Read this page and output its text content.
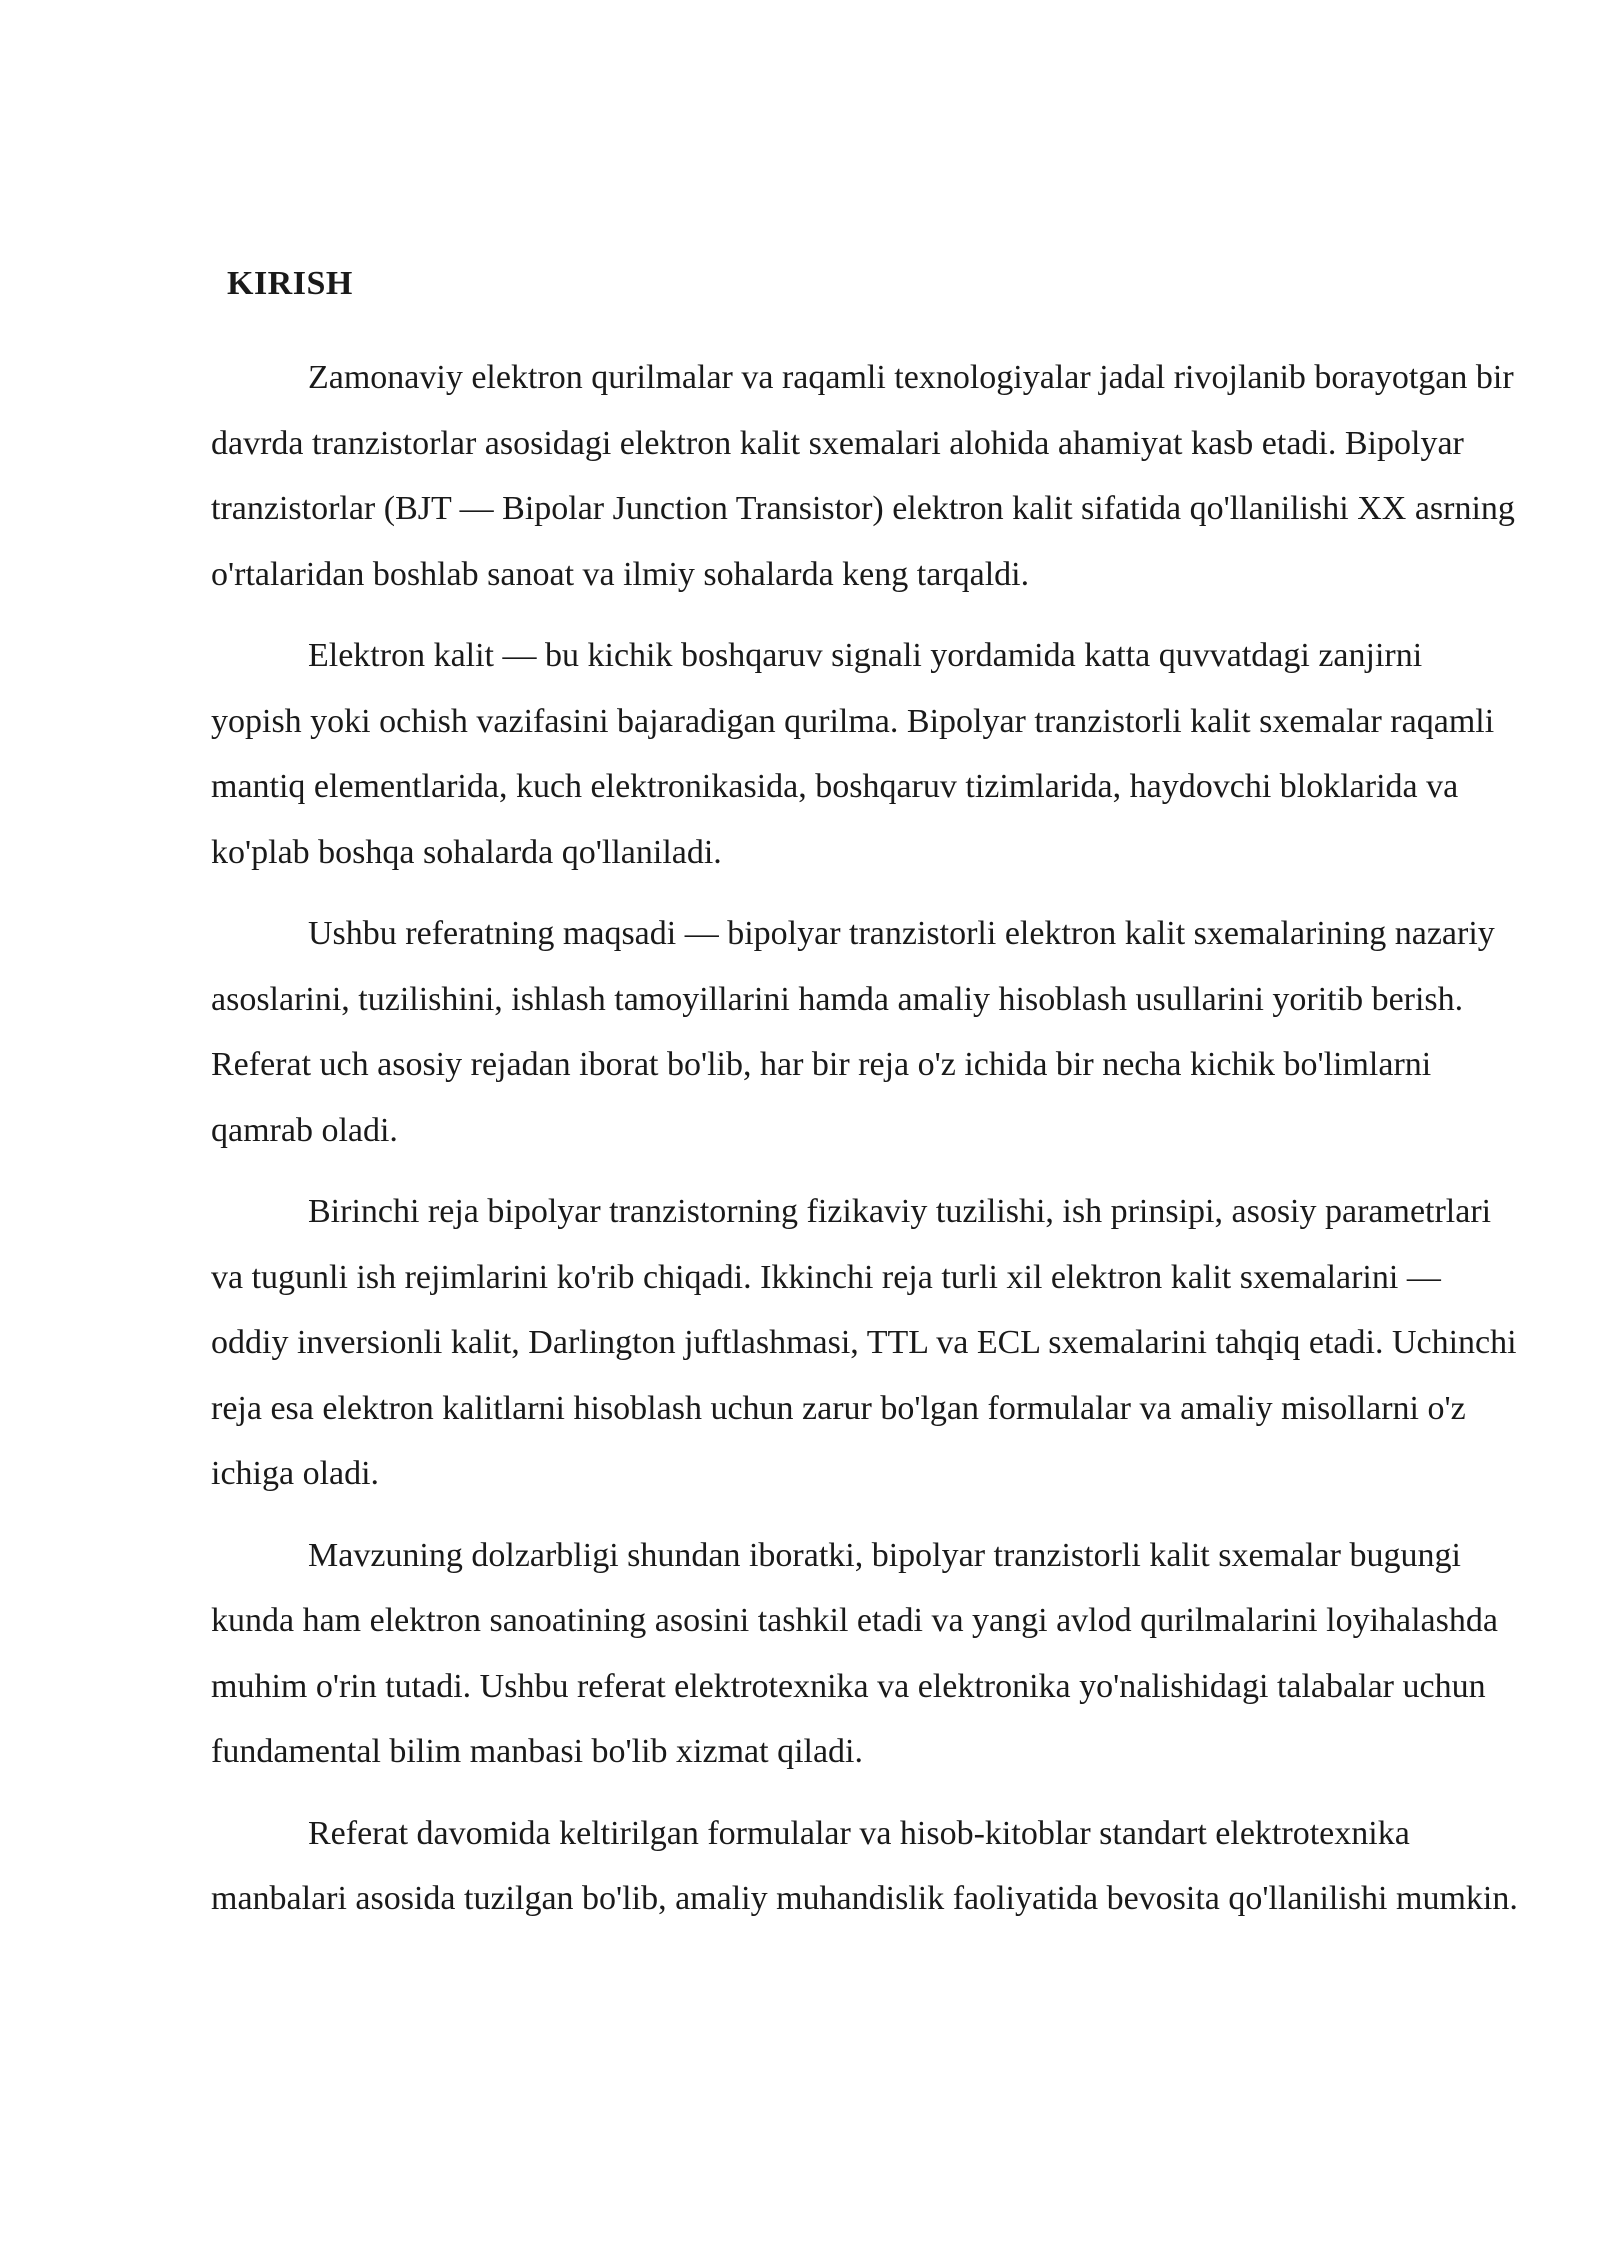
KIRISH

Zamonaviy elektron qurilmalar va raqamli texnologiyalar jadal rivojlanib borayotgan bir davrda tranzistorlar asosidagi elektron kalit sxemalari alohida ahamiyat kasb etadi. Bipolyar tranzistorlar (BJT — Bipolar Junction Transistor) elektron kalit sifatida qo'llanilishi XX asrning o'rtalaridan boshlab sanoat va ilmiy sohalarda keng tarqaldi.

Elektron kalit — bu kichik boshqaruv signali yordamida katta quvvatdagi zanjirni yopish yoki ochish vazifasini bajaradigan qurilma. Bipolyar tranzistorli kalit sxemalar raqamli mantiq elementlarida, kuch elektronikasida, boshqaruv tizimlarida, haydovchi bloklarida va ko'plab boshqa sohalarda qo'llaniladi.

Ushbu referatning maqsadi — bipolyar tranzistorli elektron kalit sxemalarining nazariy asoslarini, tuzilishini, ishlash tamoyillarini hamda amaliy hisoblash usullarini yoritib berish. Referat uch asosiy rejadan iborat bo'lib, har bir reja o'z ichida bir necha kichik bo'limlarni qamrab oladi.

Birinchi reja bipolyar tranzistorning fizikaviy tuzilishi, ish prinsipi, asosiy parametrlari va tugunli ish rejimlarini ko'rib chiqadi. Ikkinchi reja turli xil elektron kalit sxemalarini — oddiy inversionli kalit, Darlington juftlashmasi, TTL va ECL sxemalarini tahqiq etadi. Uchinchi reja esa elektron kalitlarni hisoblash uchun zarur bo'lgan formulalar va amaliy misollarni o'z ichiga oladi.

Mavzuning dolzarbligi shundan iboratki, bipolyar tranzistorli kalit sxemalar bugungi kunda ham elektron sanoatining asosini tashkil etadi va yangi avlod qurilmalarini loyihalashda muhim o'rin tutadi. Ushbu referat elektrotexnika va elektronika yo'nalishidagi talabalar uchun fundamental bilim manbasi bo'lib xizmat qiladi.

Referat davomida keltirilgan formulalar va hisob-kitoblar standart elektrotexnika manbalari asosida tuzilgan bo'lib, amaliy muhandislik faoliyatida bevosita qo'llanilishi mumkin.
